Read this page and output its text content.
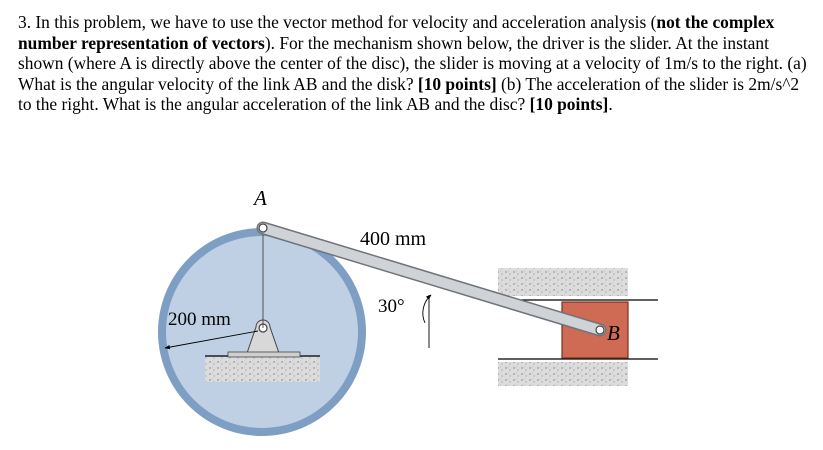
3. In this problem, we have to use the vector method for velocity and acceleration analysis (not the complex number representation of vectors). For the mechanism shown below, the driver is the slider. At the instant shown (where A is directly above the center of the disc), the slider is moving at a velocity of 1m/s to the right. (a) What is the angular velocity of the link AB and the disk? [10 points] (b) The acceleration of the slider is 2m/s^2 to the right. What is the angular acceleration of the link AB and the disc? [10 points].

200 mm
30°
A
B
400 mm
